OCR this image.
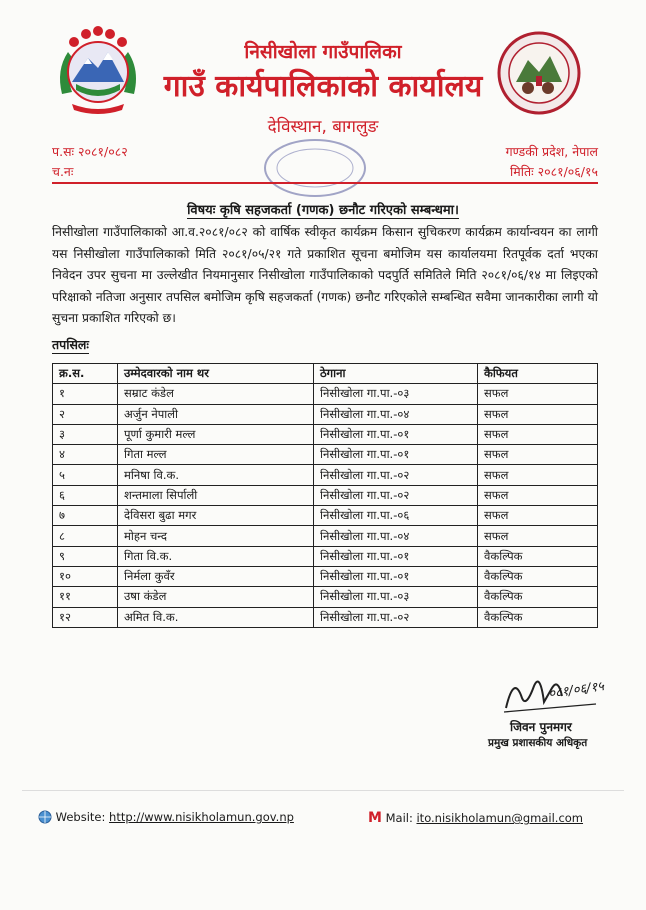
निसीखोला गाउँपालिका
गाउँ कार्यपालिकाको कार्यालय
देविस्थान, बागलुङ
प.सः २०८१/०८२
च.नः
गण्डकी प्रदेश, नेपाल
मितिः २०८१/०६/१५
विषयः कृषि सहजकर्ता (गणक) छनौट गरिएको सम्बन्धमा।
निसीखोला गाउँपालिकाको आ.व.२०८१/०८२ को वार्षिक स्वीकृत कार्यक्रम किसान सुचिकरण कार्यक्रम कार्यान्वयन का लागी यस निसीखोला गाउँपालिकाको मिति २०८१/०५/२१ गते प्रकाशित सूचना बमोजिम यस कार्यालयमा रितपूर्वक दर्ता भएका निवेदन उपर सुचना मा उल्लेखीत नियमानुसार निसीखोला गाउँपालिकाको पदपुर्ति समितिले मिति २०८१/०६/१४ मा लिइएको परिक्षाको नतिजा अनुसार तपसिल बमोजिम कृषि सहजकर्ता (गणक) छनौट गरिएकोले सम्बन्धित सवैमा जानकारीका लागी यो सुचना प्रकाशित गरिएको छ।
तपसिलः
क्र.स.	उम्मेदवारको नाम थर	ठेगाना	कैफियत
१	सम्राट कंडेल	निसीखोला गा.पा.-०३	सफल
२	अर्जुन नेपाली	निसीखोला गा.पा.-०४	सफल
३	पूर्णा कुमारी मल्ल	निसीखोला गा.पा.-०१	सफल
४	गिता मल्ल	निसीखोला गा.पा.-०१	सफल
५	मनिषा वि.क.	निसीखोला गा.पा.-०२	सफल
६	शन्तमाला सिर्पाली	निसीखोला गा.पा.-०२	सफल
७	देविसरा बुढा मगर	निसीखोला गा.पा.-०६	सफल
८	मोहन चन्द	निसीखोला गा.पा.-०४	सफल
९	गिता वि.क.	निसीखोला गा.पा.-०१	वैकल्पिक
१०	निर्मला कुवँर	निसीखोला गा.पा.-०१	वैकल्पिक
११	उषा कंडेल	निसीखोला गा.पा.-०३	वैकल्पिक
१२	अमित वि.क.	निसीखोला गा.पा.-०२	वैकल्पिक
०८१/०६/१५
जिवन पुनमगर
प्रमुख प्रशासकीय अधिकृत
Website: http://www.nisikholamun.gov.np	M Mail: ito.nisikholamun@gmail.com
